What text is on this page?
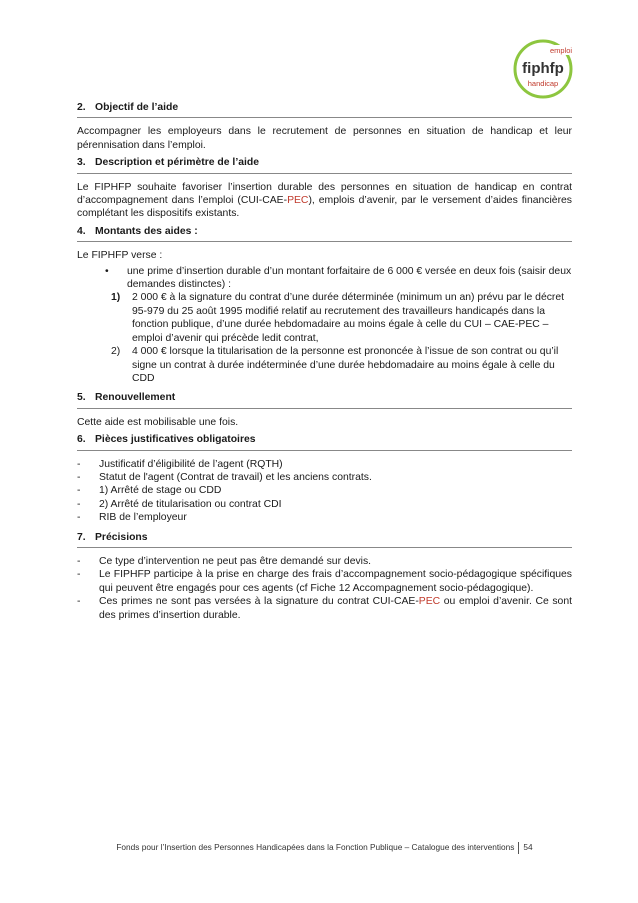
emploi
fiphfp
handicap
2. Objectif de l’aide

Accompagner les employeurs dans le recrutement de personnes en situation de handicap et leur pérennisation dans l’emploi.

3. Description et périmètre de l’aide

Le FIPHFP souhaite favoriser l’insertion durable des personnes en situation de handicap en contrat d’accompagnement dans l’emploi (CUI-CAE-PEC), emplois d’avenir, par le versement d’aides financières complétant les dispositifs existants.

4. Montants des aides :

Le FIPHFP verse :

• une prime d’insertion durable d’un montant forfaitaire de 6 000 € versée en deux fois (saisir deux demandes distinctes) :
1) 2 000 € à la signature du contrat d’une durée déterminée (minimum un an) prévu par le décret 95-979 du 25 août 1995 modifié relatif au recrutement des travailleurs handicapés dans la fonction publique, d’une durée hebdomadaire au moins égale à celle du CUI – CAE-PEC – emploi d’avenir qui précède ledit contrat,
2) 4 000 € lorsque la titularisation de la personne est prononcée à l’issue de son contrat ou qu’il signe un contrat à durée indéterminée d’une durée hebdomadaire au moins égale à celle du CDD
5. Renouvellement

Cette aide est mobilisable une fois.

6. Pièces justificatives obligatoires
- Justificatif d’éligibilité de l’agent (RQTH)
- Statut de l'agent (Contrat de travail) et les anciens contrats.
- 1) Arrêté de stage ou CDD
- 2) Arrêté de titularisation ou contrat CDI
- RIB de l’employeur
7. Précisions
- Ce type d’intervention ne peut pas être demandé sur devis.
- Le FIPHFP participe à la prise en charge des frais d’accompagnement socio-pédagogique spécifiques qui peuvent être engagés pour ces agents (cf Fiche 12 Accompagnement socio-pédagogique).
- Ces primes ne sont pas versées à la signature du contrat CUI-CAE-PEC ou emploi d’avenir. Ce sont des primes d’insertion durable.
Fonds pour l’Insertion des Personnes Handicapées dans la Fonction Publique – Catalogue des interventions 54
